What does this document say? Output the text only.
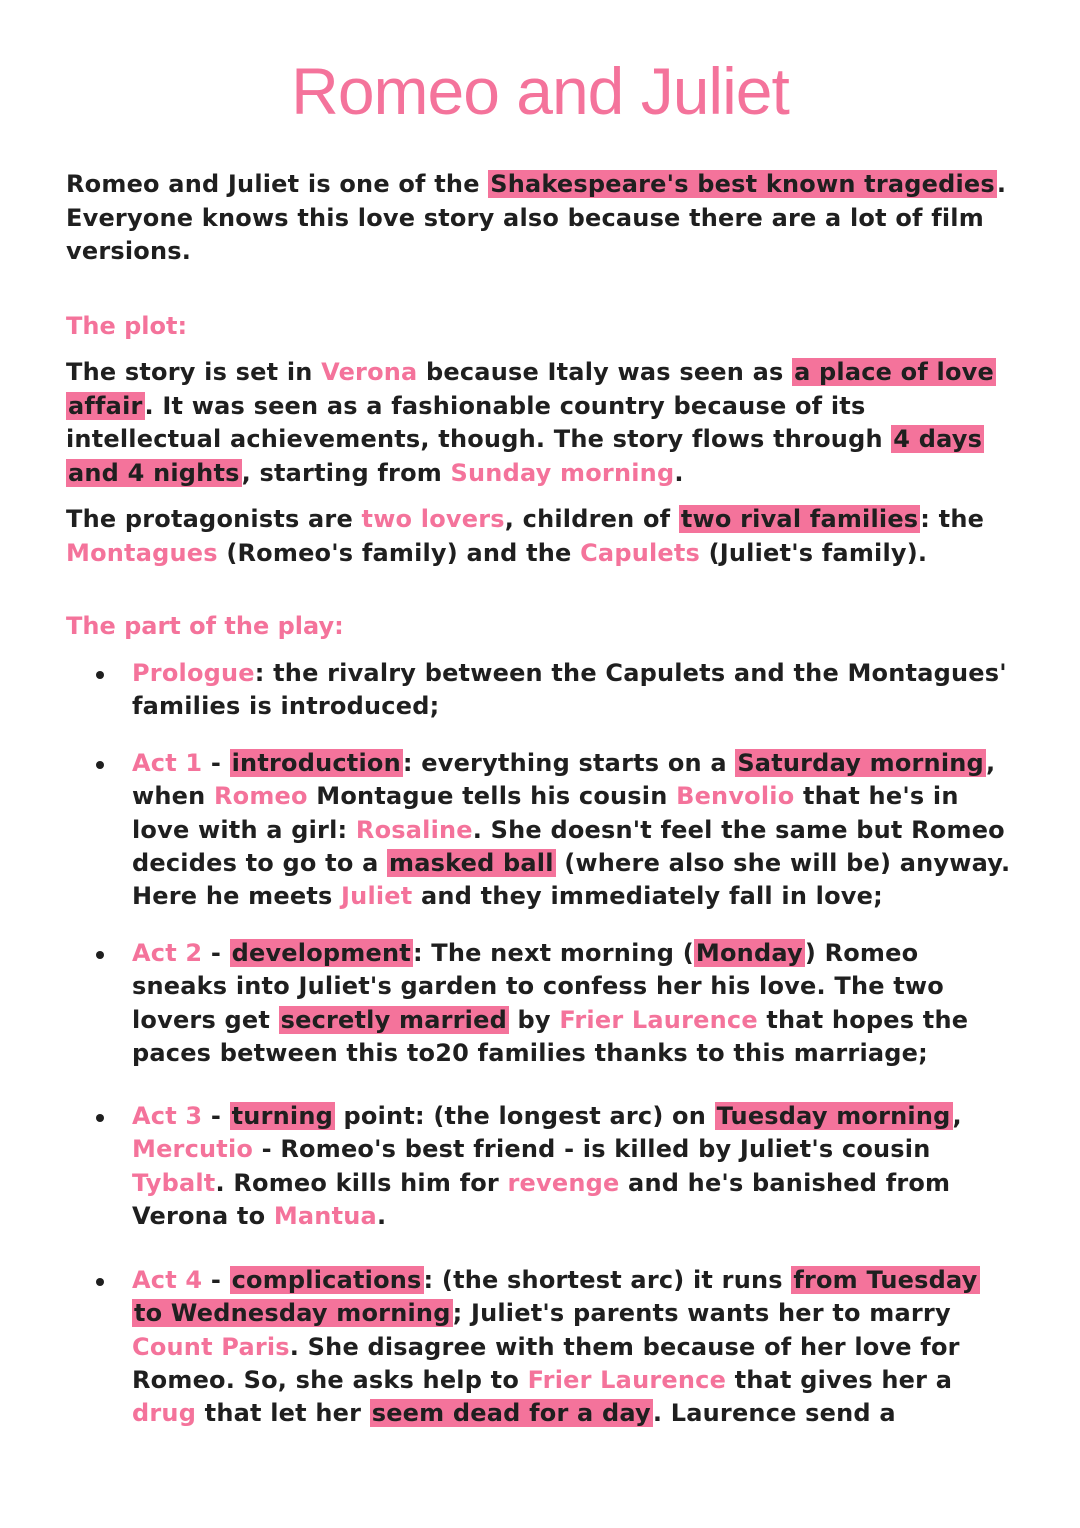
Romeo and Juliet

Romeo and Juliet is one of the Shakespeare's best known tragedies. Everyone knows this love story also because there are a lot of film versions.

The plot:

The story is set in Verona because Italy was seen as a place of love affair. It was seen as a fashionable country because of its intellectual achievements, though. The story flows through 4 days and 4 nights, starting from Sunday morning.

The protagonists are two lovers, children of two rival families: the Montagues (Romeo's family) and the Capulets (Juliet's family).

The part of the play:

Prologue: the rivalry between the Capulets and the Montagues' families is introduced;

Act 1 - introduction: everything starts on a Saturday morning, when Romeo Montague tells his cousin Benvolio that he's in love with a girl: Rosaline. She doesn't feel the same but Romeo decides to go to a masked ball (where also she will be) anyway. Here he meets Juliet and they immediately fall in love;

Act 2 - development: The next morning (Monday) Romeo sneaks into Juliet's garden to confess her his love. The two lovers get secretly married by Frier Laurence that hopes the paces between this to20 families thanks to this marriage;

Act 3 - turning point: (the longest arc) on Tuesday morning, Mercutio - Romeo's best friend - is killed by Juliet's cousin Tybalt. Romeo kills him for revenge and he's banished from Verona to Mantua.

Act 4 - complications: (the shortest arc) it runs from Tuesday to Wednesday morning; Juliet's parents wants her to marry Count Paris. She disagree with them because of her love for Romeo. So, she asks help to Frier Laurence that gives her a drug that let her seem dead for a day. Laurence send a
